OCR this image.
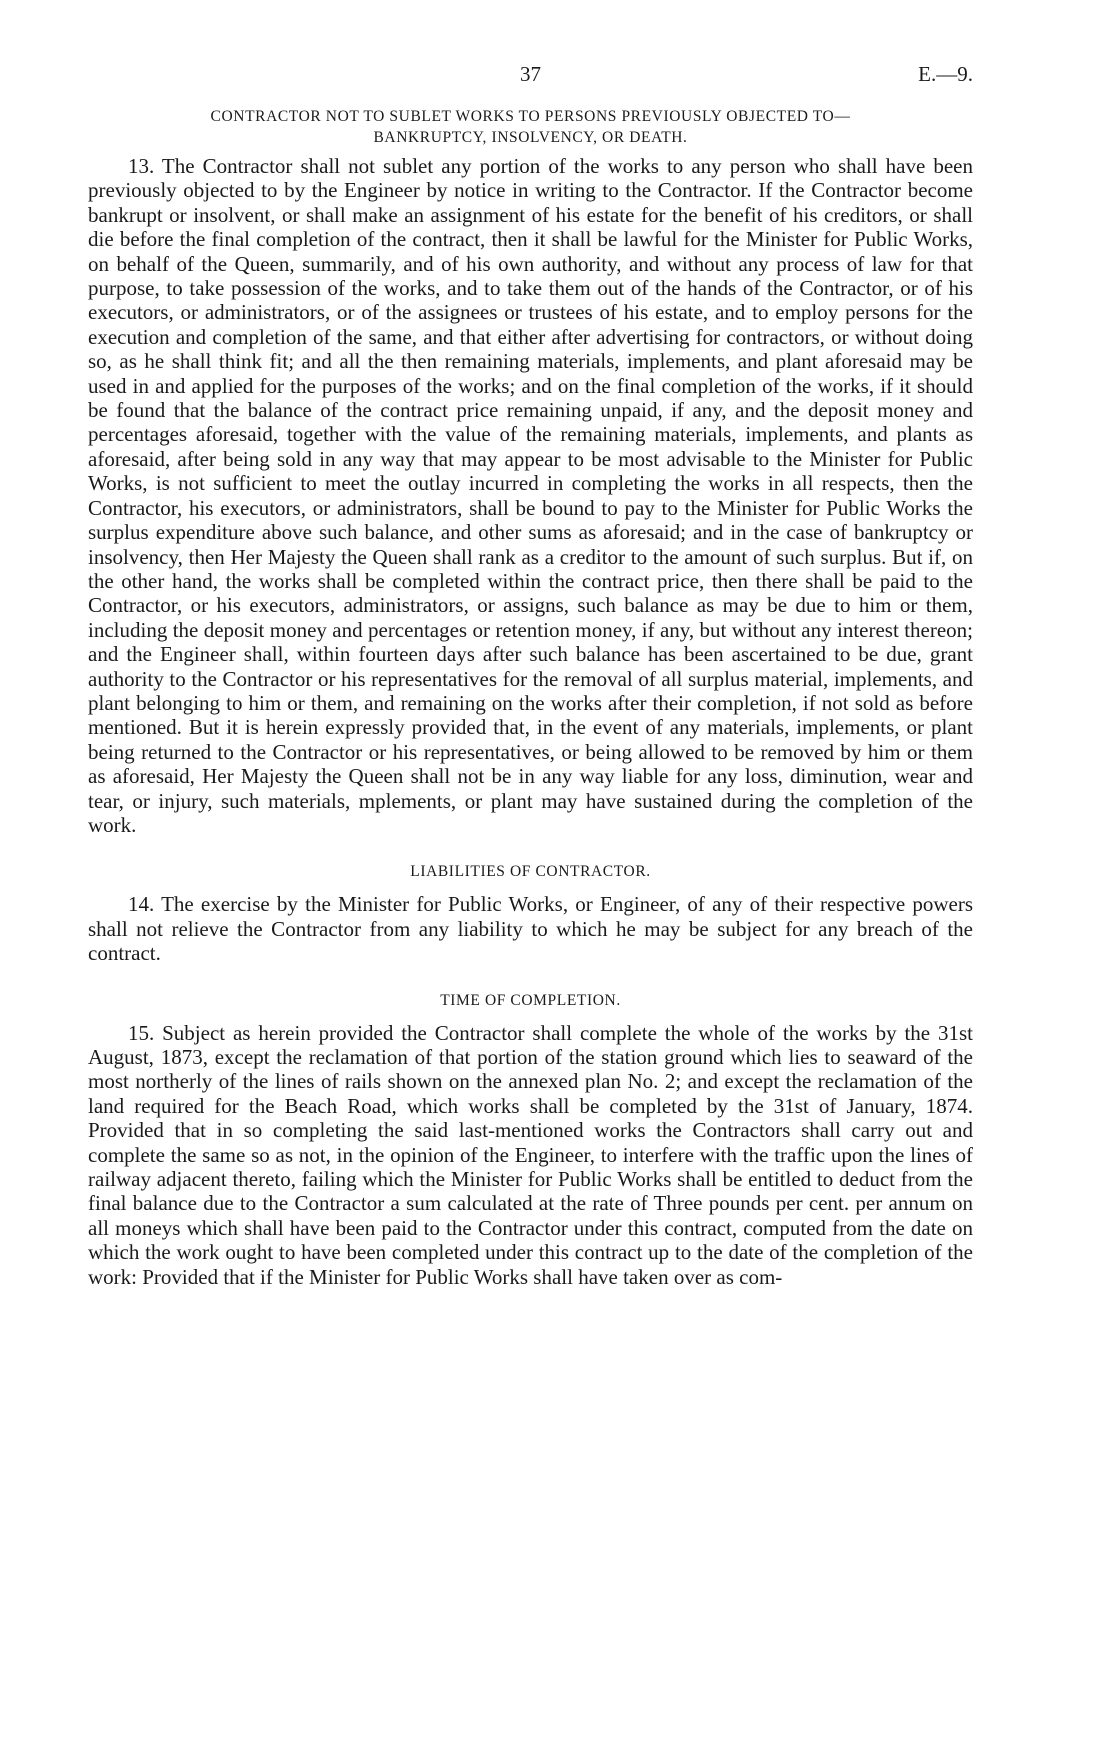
37	E.—9.
CONTRACTOR NOT TO SUBLET WORKS TO PERSONS PREVIOUSLY OBJECTED TO—
BANKRUPTCY, INSOLVENCY, OR DEATH.

13. The Contractor shall not sublet any portion of the works to any person who shall have been previously objected to by the Engineer by notice in writing to the Contractor. If the Contractor become bankrupt or insolvent, or shall make an assignment of his estate for the benefit of his creditors, or shall die before the final completion of the contract, then it shall be lawful for the Minister for Public Works, on behalf of the Queen, summarily, and of his own authority, and without any process of law for that purpose, to take possession of the works, and to take them out of the hands of the Contractor, or of his executors, or administrators, or of the assignees or trustees of his estate, and to employ persons for the execution and completion of the same, and that either after advertising for contractors, or without doing so, as he shall think fit; and all the then remaining materials, implements, and plant aforesaid may be used in and applied for the purposes of the works; and on the final completion of the works, if it should be found that the balance of the contract price remaining unpaid, if any, and the deposit money and percentages aforesaid, together with the value of the remaining materials, implements, and plants as aforesaid, after being sold in any way that may appear to be most advisable to the Minister for Public Works, is not sufficient to meet the outlay incurred in completing the works in all respects, then the Contractor, his executors, or administrators, shall be bound to pay to the Minister for Public Works the surplus expenditure above such balance, and other sums as aforesaid; and in the case of bankruptcy or insolvency, then Her Majesty the Queen shall rank as a creditor to the amount of such surplus. But if, on the other hand, the works shall be completed within the contract price, then there shall be paid to the Contractor, or his executors, administrators, or assigns, such balance as may be due to him or them, including the deposit money and percentages or retention money, if any, but without any interest thereon; and the Engineer shall, within fourteen days after such balance has been ascertained to be due, grant authority to the Contractor or his representatives for the removal of all surplus material, implements, and plant belonging to him or them, and remaining on the works after their completion, if not sold as before mentioned. But it is herein expressly provided that, in the event of any materials, implements, or plant being returned to the Contractor or his representatives, or being allowed to be removed by him or them as aforesaid, Her Majesty the Queen shall not be in any way liable for any loss, diminution, wear and tear, or injury, such materials, mplements, or plant may have sustained during the completion of the work.

LIABILITIES OF CONTRACTOR.

14. The exercise by the Minister for Public Works, or Engineer, of any of their respective powers shall not relieve the Contractor from any liability to which he may be subject for any breach of the contract.

TIME OF COMPLETION.

15. Subject as herein provided the Contractor shall complete the whole of the works by the 31st August, 1873, except the reclamation of that portion of the station ground which lies to seaward of the most northerly of the lines of rails shown on the annexed plan No. 2; and except the reclamation of the land required for the Beach Road, which works shall be completed by the 31st of January, 1874. Provided that in so completing the said last-mentioned works the Contractors shall carry out and complete the same so as not, in the opinion of the Engineer, to interfere with the traffic upon the lines of railway adjacent thereto, failing which the Minister for Public Works shall be entitled to deduct from the final balance due to the Contractor a sum calculated at the rate of Three pounds per cent. per annum on all moneys which shall have been paid to the Contractor under this contract, computed from the date on which the work ought to have been completed under this contract up to the date of the completion of the work: Provided that if the Minister for Public Works shall have taken over as com-
